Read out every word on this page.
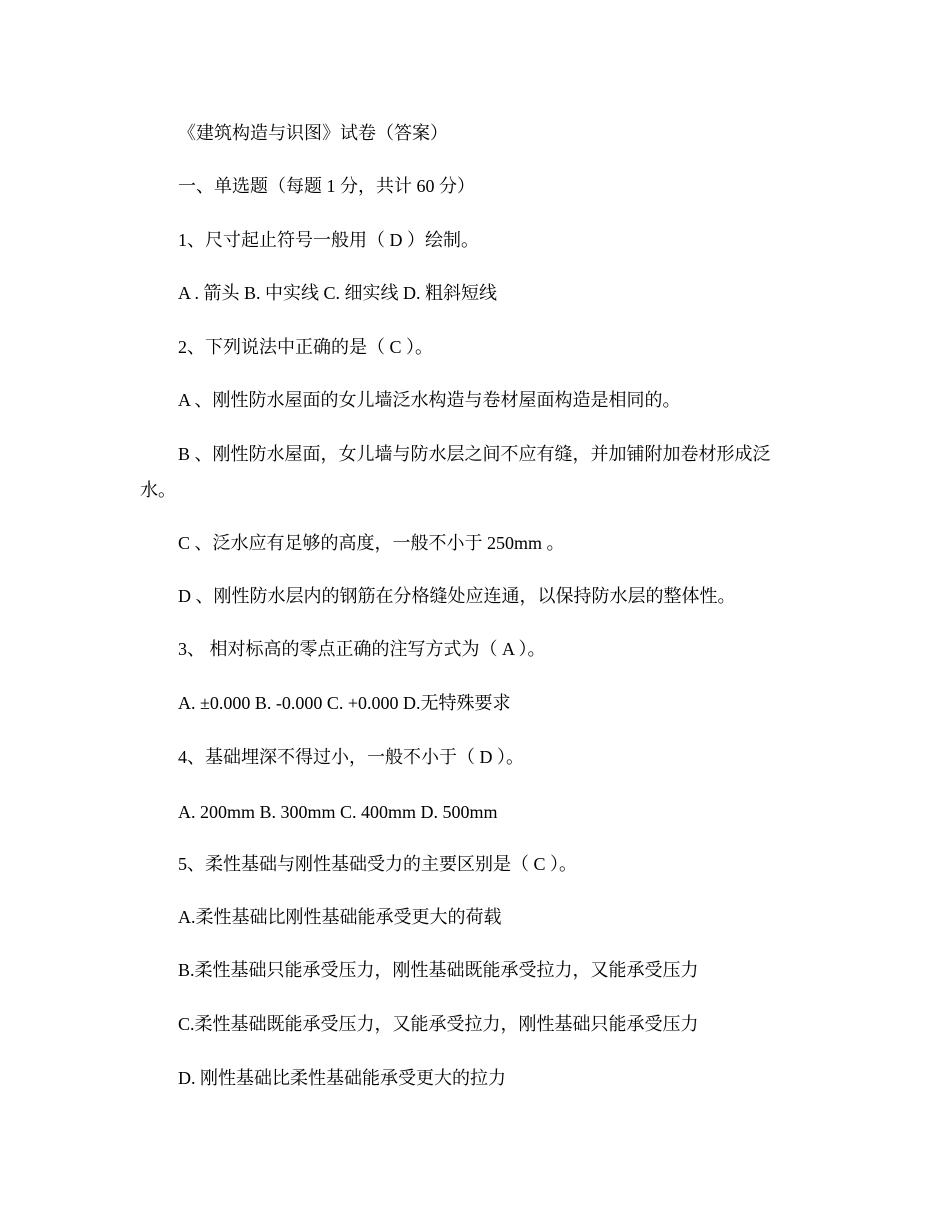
《建筑构造与识图》试卷（答案）
一、单选题（每题 1 分，共计 60 分）
1、尺寸起止符号一般用（ D ）绘制。
A . 箭头 B. 中实线 C. 细实线 D. 粗斜短线
2、下列说法中正确的是（ C ）。
A 、刚性防水屋面的女儿墙泛水构造与卷材屋面构造是相同的。
B 、刚性防水屋面，女儿墙与防水层之间不应有缝，并加铺附加卷材形成泛
水。
C 、泛水应有足够的高度，一般不小于 250mm 。
D 、刚性防水层内的钢筋在分格缝处应连通，以保持防水层的整体性。
3、 相对标高的零点正确的注写方式为（ A ）。
A. ±0.000 B. -0.000 C. +0.000 D.无特殊要求
4、基础埋深不得过小，一般不小于（ D ）。
A. 200mm B. 300mm C. 400mm D. 500mm
5、柔性基础与刚性基础受力的主要区别是（ C ）。
A.柔性基础比刚性基础能承受更大的荷载
B.柔性基础只能承受压力，刚性基础既能承受拉力，又能承受压力
C.柔性基础既能承受压力，又能承受拉力，刚性基础只能承受压力
D. 刚性基础比柔性基础能承受更大的拉力
